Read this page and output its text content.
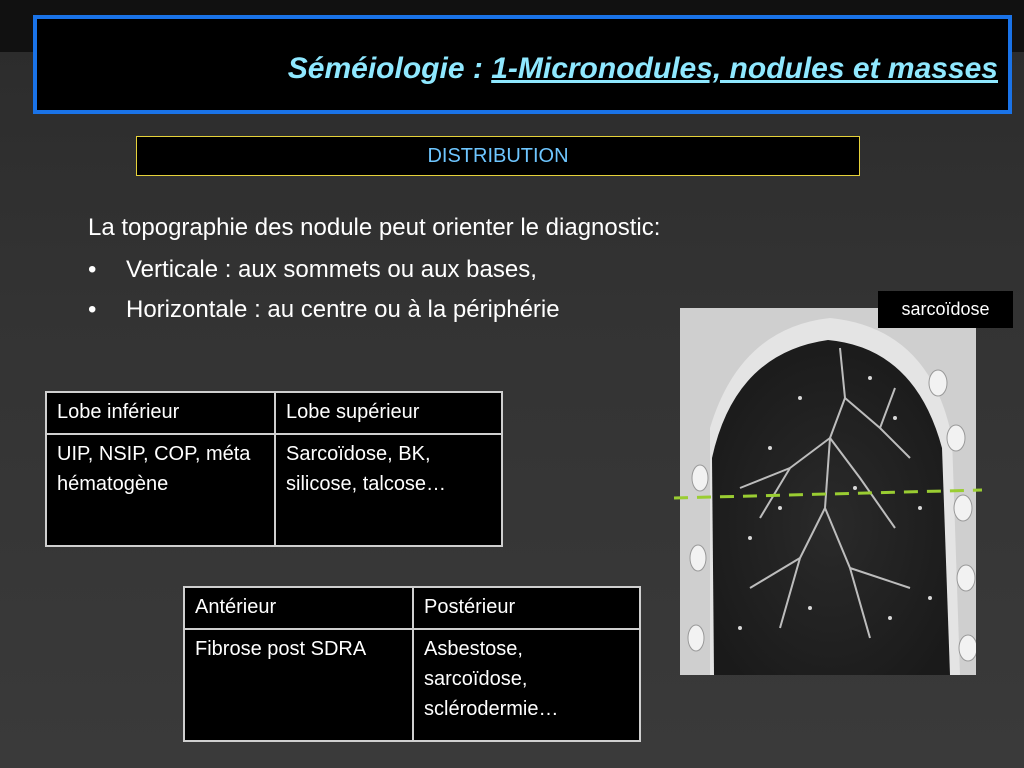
Séméiologie : 1-Micronodules, nodules et masses
DISTRIBUTION

La topographie des nodule peut orienter le diagnostic:

• Verticale : aux sommets ou aux bases,

• Horizontale : au centre ou à la périphérie

Lobe inférieur	Lobe supérieur
UIP, NSIP, COP, méta hématogène	Sarcoïdose, BK, silicose, talcose…
Antérieur	Postérieur
Fibrose post SDRA	Asbestose, sarcoïdose, sclérodermie…
sarcoïdose
